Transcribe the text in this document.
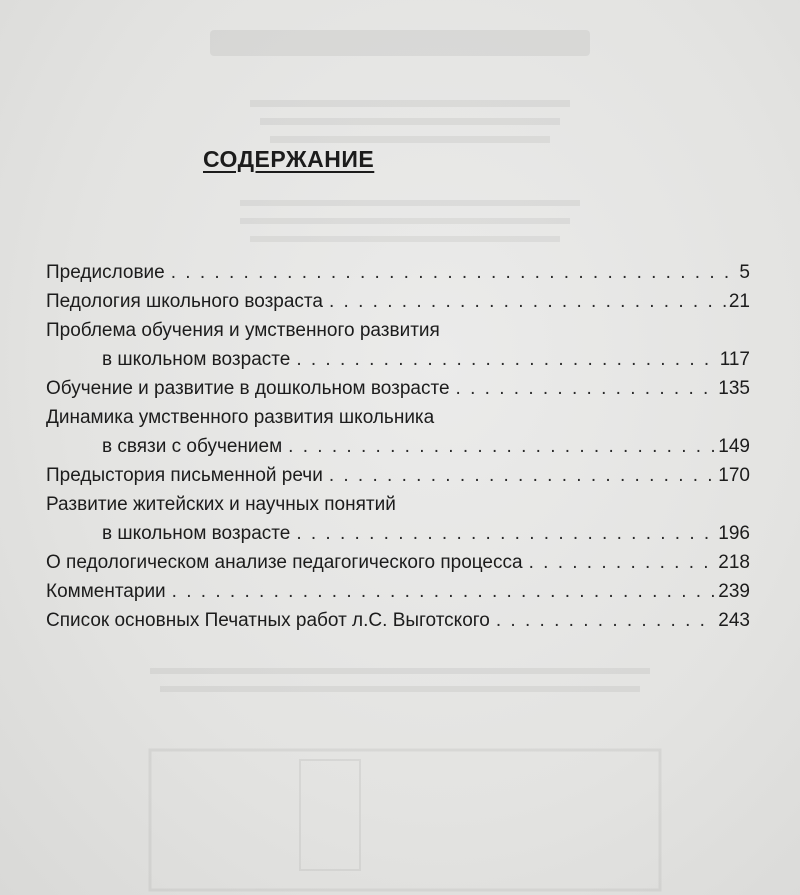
СОДЕРЖАНИЕ
Предисловие . . .	5
Педология школьного возраста . . .	21
Проблема обучения и умственного развития
в школьном возрасте . . .	117
Обучение и развитие в дошкольном возрасте . . .	135
Динамика умственного развития школьника
в связи с обучением . . .	149
Предыстория письменной речи . . .	170
Развитие житейских и научных понятий
в школьном возрасте . . .	196
О педологическом анализе педагогического процесса . . .	218
Комментарии . . .	239
Список основных Печатных работ л.С. Выготского . . .	243
